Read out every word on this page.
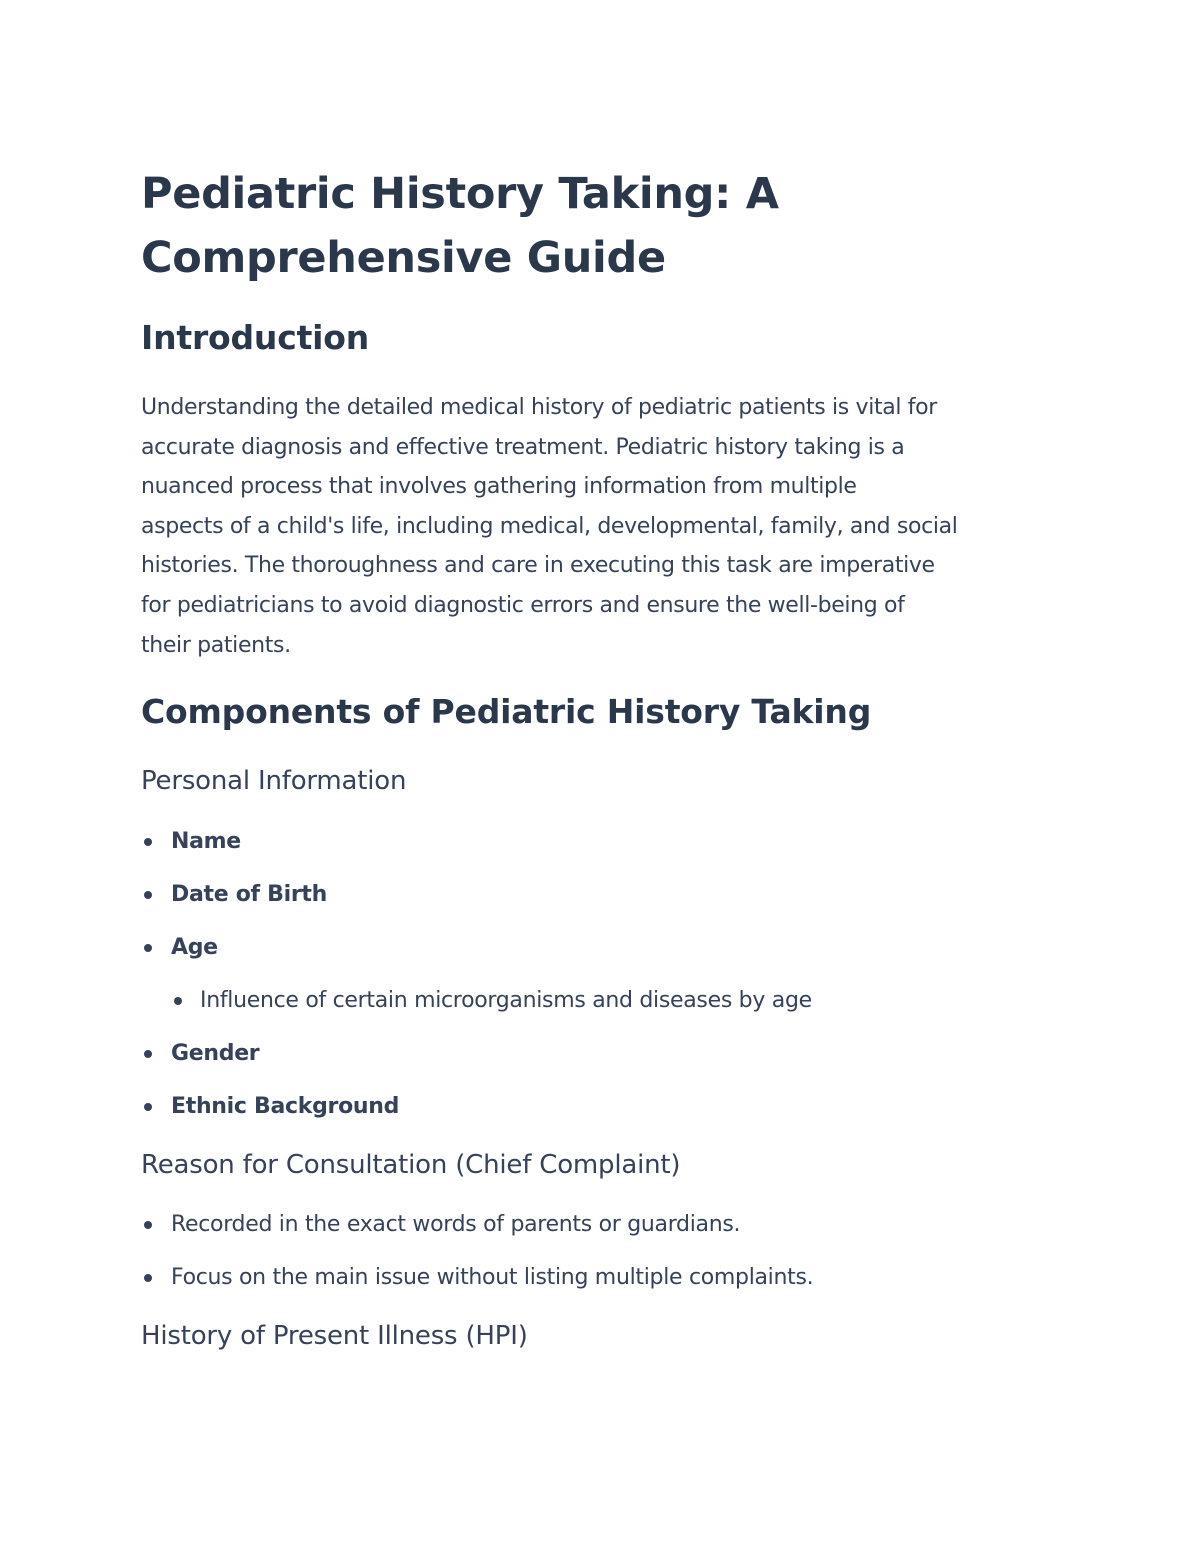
Pediatric History Taking: A
Comprehensive Guide
Introduction

Understanding the detailed medical history of pediatric patients is vital for
accurate diagnosis and effective treatment. Pediatric history taking is a
nuanced process that involves gathering information from multiple
aspects of a child's life, including medical, developmental, family, and social
histories. The thoroughness and care in executing this task are imperative
for pediatricians to avoid diagnostic errors and ensure the well-being of
their patients.

Components of Pediatric History Taking
Personal Information
Name
Date of Birth
Age
Influence of certain microorganisms and diseases by age
Gender
Ethnic Background
Reason for Consultation (Chief Complaint)
Recorded in the exact words of parents or guardians.
Focus on the main issue without listing multiple complaints.
History of Present Illness (HPI)
